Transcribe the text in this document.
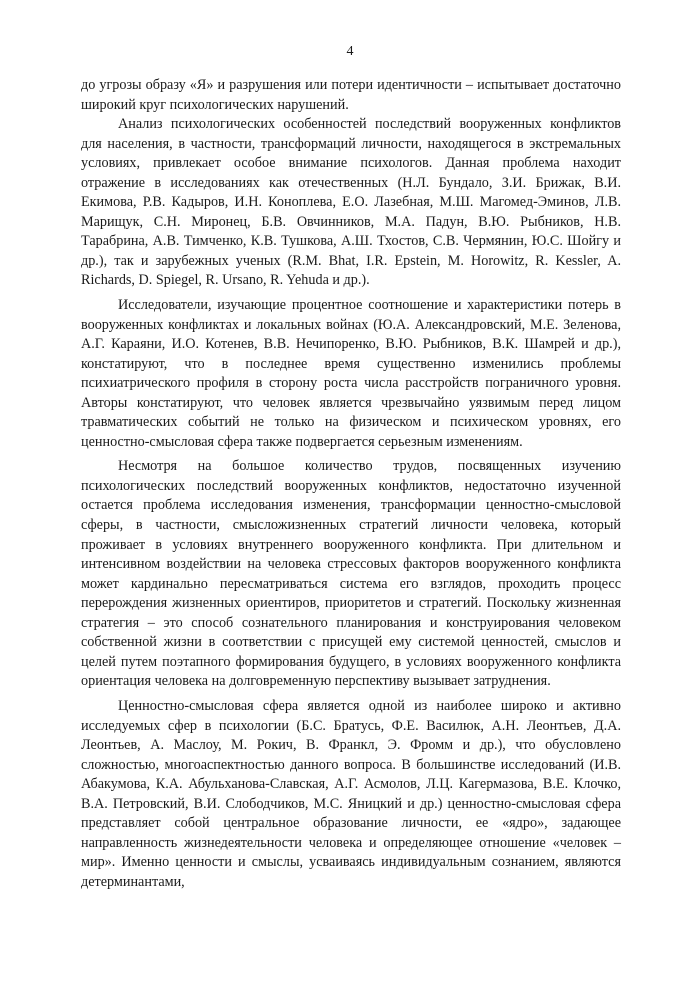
4

до угрозы образу «Я» и разрушения или потери идентичности – испытывает достаточно широкий круг психологических нарушений.

Анализ психологических особенностей последствий вооруженных конфликтов для населения, в частности, трансформаций личности, находящегося в экстремальных условиях, привлекает особое внимание психологов. Данная проблема находит отражение в исследованиях как отечественных (Н.Л. Бундало, З.И. Брижак, В.И. Екимова, Р.В. Кадыров, И.Н. Коноплева, Е.О. Лазебная, М.Ш. Магомед-Эминов, Л.В. Марищук, С.Н. Миронец, Б.В. Овчинников, М.А. Падун, В.Ю. Рыбников, Н.В. Тарабрина, А.В. Тимченко, К.В. Тушкова, А.Ш. Тхостов, С.В. Чермянин, Ю.С. Шойгу и др.), так и зарубежных ученых (R.M. Bhat, I.R. Epstein, M. Horowitz, R. Kessler, A. Richards, D. Spiegel, R. Ursano, R. Yehuda и др.).

Исследователи, изучающие процентное соотношение и характеристики потерь в вооруженных конфликтах и локальных войнах (Ю.А. Александровский, М.Е. Зеленова, А.Г. Караяни, И.О. Котенев, В.В. Нечипоренко, В.Ю. Рыбников, В.К. Шамрей и др.), констатируют, что в последнее время существенно изменились проблемы психиатрического профиля в сторону роста числа расстройств пограничного уровня. Авторы констатируют, что человек является чрезвычайно уязвимым перед лицом травматических событий не только на физическом и психическом уровнях, его ценностно-смысловая сфера также подвергается серьезным изменениям.

Несмотря на большое количество трудов, посвященных изучению психологических последствий вооруженных конфликтов, недостаточно изученной остается проблема исследования изменения, трансформации ценностно-смысловой сферы, в частности, смысложизненных стратегий личности человека, который проживает в условиях внутреннего вооруженного конфликта. При длительном и интенсивном воздействии на человека стрессовых факторов вооруженного конфликта может кардинально пересматриваться система его взглядов, проходить процесс перерождения жизненных ориентиров, приоритетов и стратегий. Поскольку жизненная стратегия – это способ сознательного планирования и конструирования человеком собственной жизни в соответствии с присущей ему системой ценностей, смыслов и целей путем поэтапного формирования будущего, в условиях вооруженного конфликта ориентация человека на долговременную перспективу вызывает затруднения.

Ценностно-смысловая сфера является одной из наиболее широко и активно исследуемых сфер в психологии (Б.С. Братусь, Ф.Е. Василюк, А.Н. Леонтьев, Д.А. Леонтьев, А. Маслоу, М. Рокич, В. Франкл, Э. Фромм и др.), что обусловлено сложностью, многоаспектностью данного вопроса. В большинстве исследований (И.В. Абакумова, К.А. Абульханова-Славская, А.Г. Асмолов, Л.Ц. Кагермазова, В.Е. Клочко, В.А. Петровский, В.И. Слободчиков, М.С. Яницкий и др.) ценностно-смысловая сфера представляет собой центральное образование личности, ее «ядро», задающее направленность жизнедеятельности человека и определяющее отношение «человек – мир». Именно ценности и смыслы, усваиваясь индивидуальным сознанием, являются детерминантами,
